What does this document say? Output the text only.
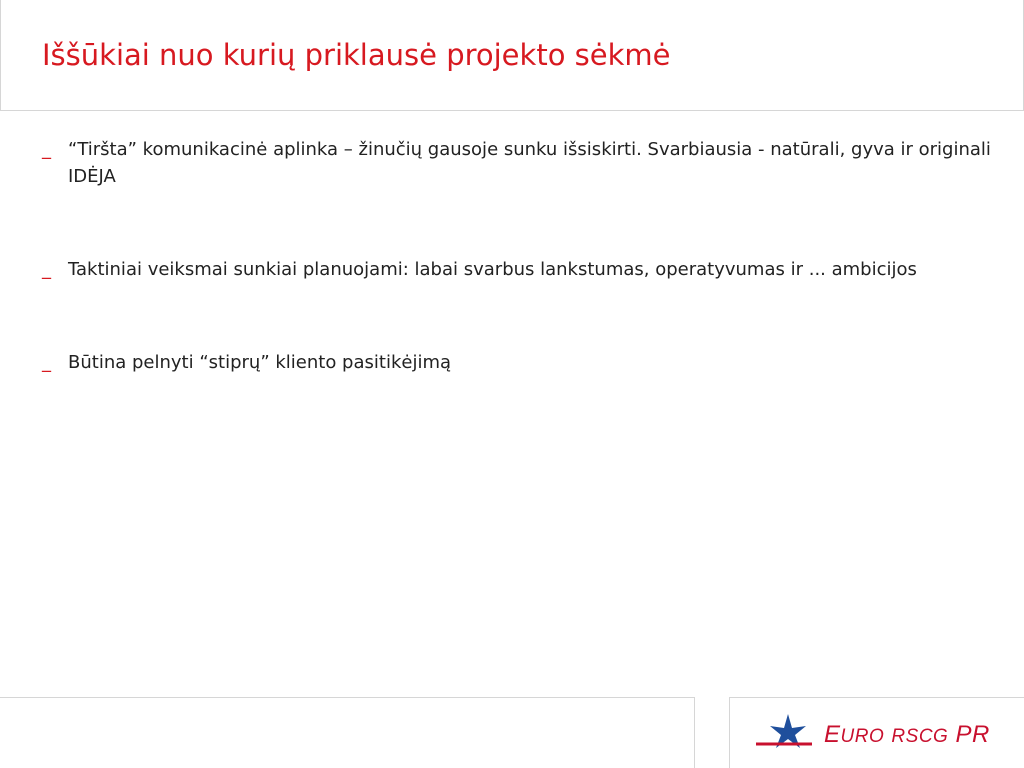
Iššūkiai nuo kurių priklausė projekto sėkmė
_ “Tiršta” komunikacinė aplinka – žinučių gausoje sunku išsiskirti. Svarbiausia - natūrali, gyva ir originali IDĖJA
_ Taktiniai veiksmai sunkiai planuojami: labai svarbus lankstumas, operatyvumas ir ... ambicijos
_ Būtina pelnyti “stiprų” kliento pasitikėjimą
EURO RSCG PR
